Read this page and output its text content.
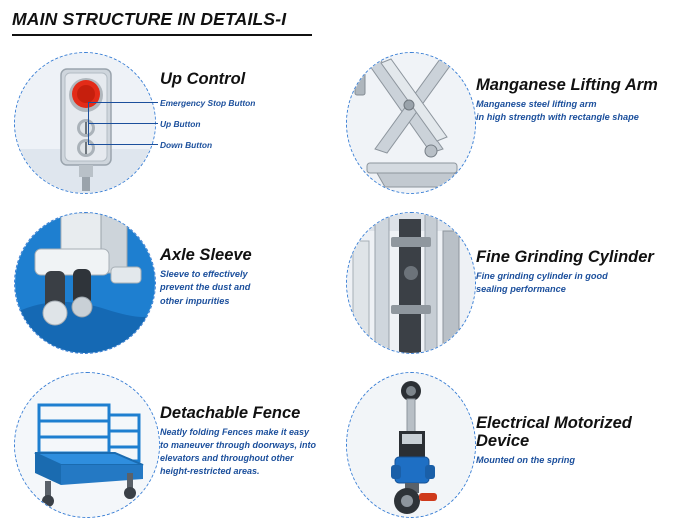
MAIN STRUCTURE IN DETAILS-I

Up Control

Emergency Stop Button
Up Button
Down Button

Manganese Lifting Arm

Manganese steel lifting arm

in high strength with rectangle shape

Axle Sleeve

Sleeve to effectively

prevent the dust and

other impurities

Fine Grinding Cylinder

Fine grinding cylinder in good

sealing performance

Detachable Fence

Neatly folding Fences make it easy

to maneuver through doorways, into

elevators and throughout other

height-restricted areas.

Electrical Motorized Device

Mounted on the spring
